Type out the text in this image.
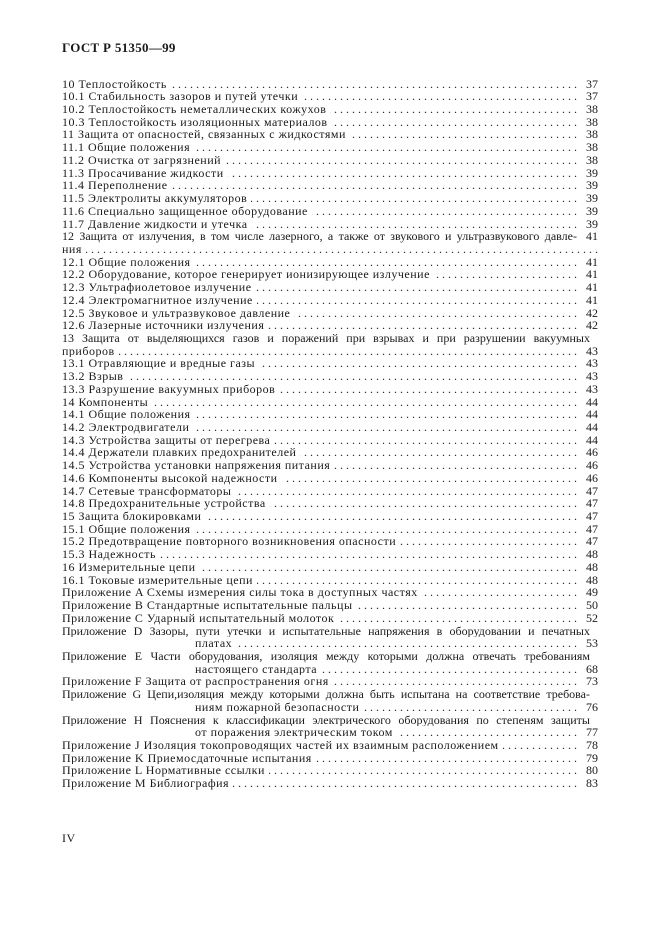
ГОСТ Р 51350—99
10 Теплостойкость . . .	37
10.1 Стабильность зазоров и путей утечки . . .	37
10.2 Теплостойкость неметаллических кожухов . . .	38
10.3 Теплостойкость изоляционных материалов . . .	38
11 Защита от опасностей, связанных с жидкостями . . .	38
11.1 Общие положения . . .	38
11.2 Очистка от загрязнений . . .	38
11.3 Просачивание жидкости . . .	39
11.4 Переполнение . . .	39
11.5 Электролиты аккумуляторов . . .	39
11.6 Специально защищенное оборудование . . .	39
11.7 Давление жидкости и утечка . . .	39
12 Защита от излучения, в том числе лазерного, а также от звукового и ультразвукового давле- 41
ния
. . .
12.1 Общие положения . . .	41
12.2 Оборудование, которое генерирует ионизирующее излучение . . .	41
12.3 Ультрафиолетовое излучение . . .	41
12.4 Электромагнитное излучение . . .	41
12.5 Звуковое и ультразвуковое давление . . .	42
12.6 Лазерные источники излучения . . .	42
13 Защита от выделяющихся газов и поражений при взрывах и при разрушении вакуумных
приборов . . .	43
13.1 Отравляющие и вредные газы . . .	43
13.2 Взрыв . . .	43
13.3 Разрушение вакуумных приборов . . .	43
14 Компоненты . . .	44
14.1 Общие положения . . .	44
14.2 Электродвигатели . . .	44
14.3 Устройства защиты от перегрева . . .	44
14.4 Держатели плавких предохранителей . . .	46
14.5 Устройства установки напряжения питания . . .	46
14.6 Компоненты высокой надежности . . .	46
14.7 Сетевые трансформаторы . . .	47
14.8 Предохранительные устройства . . .	47
15 Защита блокировками . . .	47
15.1 Общие положения . . .	47
15.2 Предотвращение повторного возникновения опасности . . .	47
15.3 Надежность . . .	48
16 Измерительные цепи . . .	48
16.1 Токовые измерительные цепи . . .	48
Приложение A Схемы измерения силы тока в доступных частях . . .	49
Приложение B Стандартные испытательные пальцы . . .	50
Приложение C Ударный испытательный молоток . . .	52
Приложение D Зазоры, пути утечки и испытательные напряжения в оборудовании и печатных
платах . . .	53
Приложение E Части оборудования, изоляция между которыми должна отвечать требованиям
настоящего стандарта . . .	68
Приложение F Защита от распространения огня . . .	73
Приложение G Цепи,изоляция между которыми должна быть испытана на соответствие требова-
ниям пожарной безопасности . . .	76
Приложение H Пояснения к классификации электрического оборудования по степеням защиты
от поражения электрическим током . . .	77
Приложение J Изоляция токопроводящих частей их взаимным расположением . . .	78
Приложение K Приемосдаточные испытания . . .	79
Приложение L Нормативные ссылки . . .	80
Приложение M Библиография . . .	83
IV
